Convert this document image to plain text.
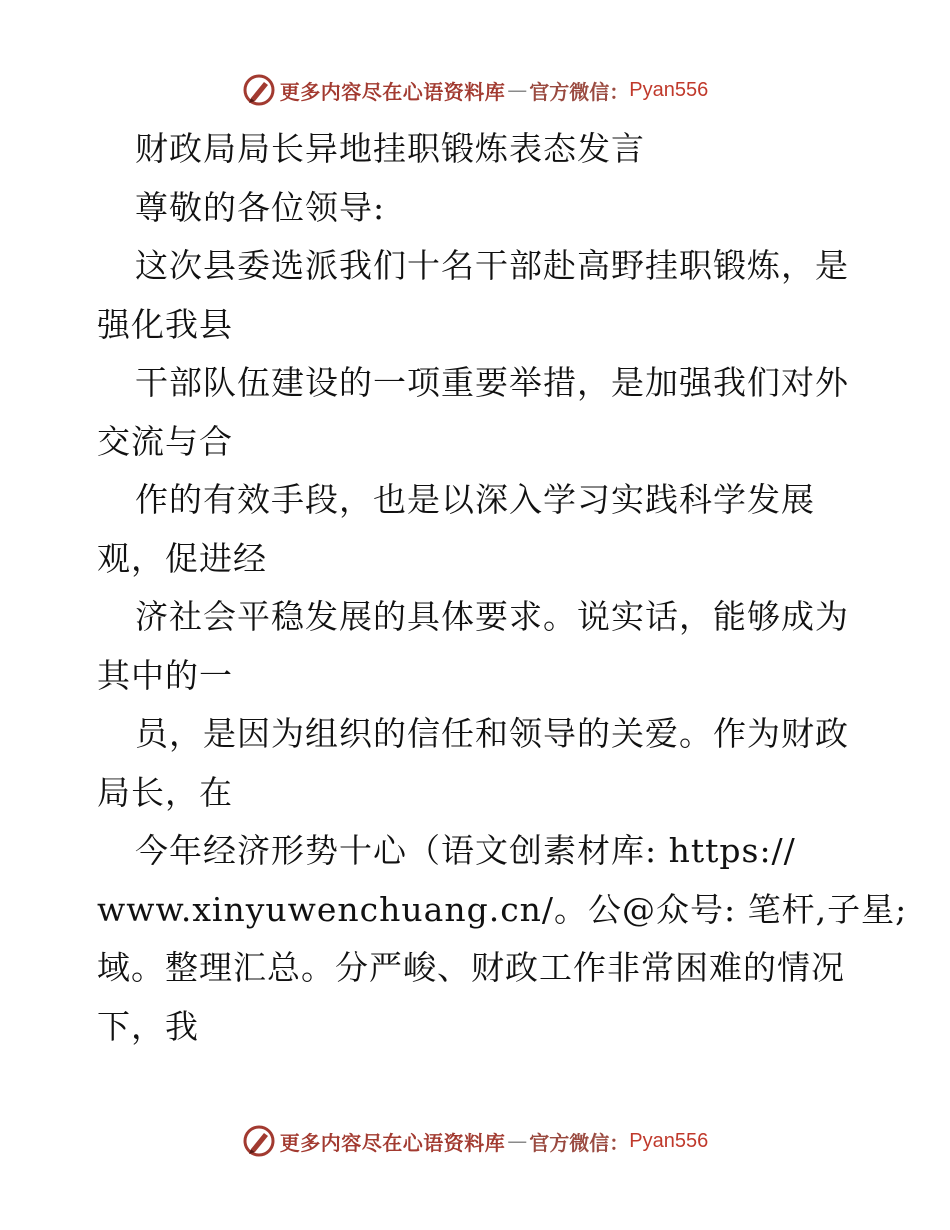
更多内容尽在心语资料库 — 官方微信： Pyan556
财政局局长异地挂职锻炼表态发言
尊敬的各位领导:
这次县委选派我们十名干部赴高野挂职锻炼，是
强化我县
干部队伍建设的一项重要举措，是加强我们对外
交流与合
作的有效手段，也是以深入学习实践科学发展
观，促进经
济社会平稳发展的具体要求。说实话，能够成为
其中的一
员，是因为组织的信任和领导的关爱。作为财政
局长，在
今年经济形势十心（语文创素材库: https://
www.xinyuwenchuang.cn/。公@众号: 笔杆,子星;
域。整理汇总。分严峻、财政工作非常困难的情况
下，我
更多内容尽在心语资料库 — 官方微信： Pyan556
